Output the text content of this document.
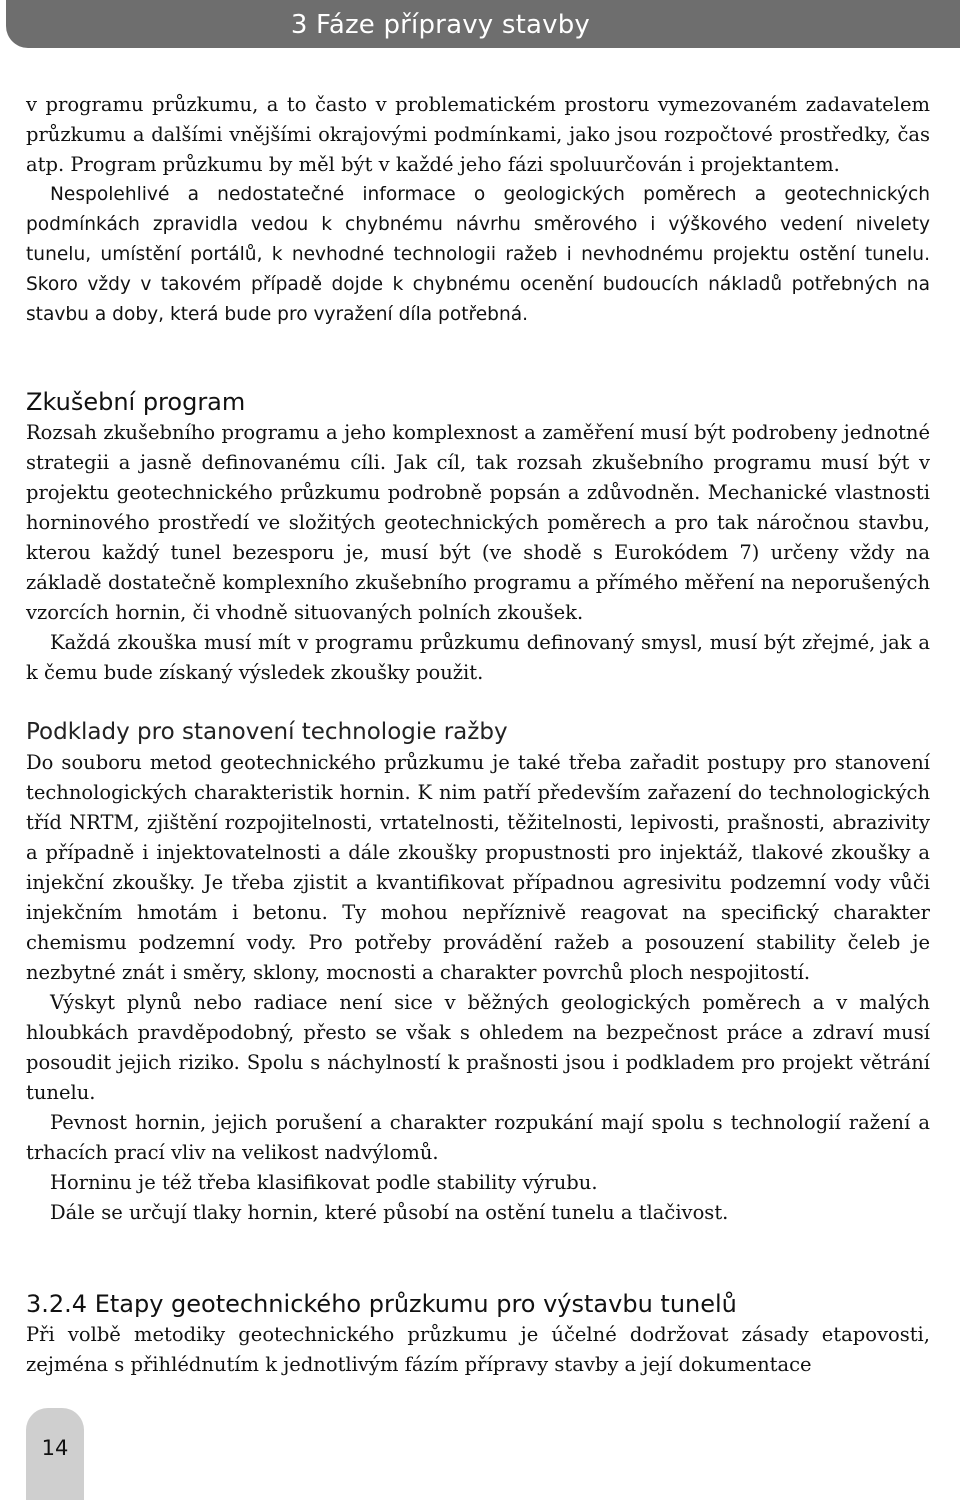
3 Fáze přípravy stavby

v programu průzkumu, a to často v problematickém prostoru vymezovaném zadavatelem průzkumu a dalšími vnějšími okrajovými podmínkami, jako jsou rozpočtové prostředky, čas atp. Program průzkumu by měl být v každé jeho fázi spoluurčován i projektantem.

Nespolehlivé a nedostatečné informace o geologických poměrech a geotechnických podmínkách zpravidla vedou k chybnému návrhu směrového i výškového vedení nivelety tunelu, umístění portálů, k nevhodné technologii ražeb i nevhodnému projektu ostění tunelu. Skoro vždy v takovém případě dojde k chybnému ocenění budoucích nákladů potřebných na stavbu a doby, která bude pro vyražení díla potřebná.

Zkušební program

Rozsah zkušebního programu a jeho komplexnost a zaměření musí být podrobeny jednotné strategii a jasně definovanému cíli. Jak cíl, tak rozsah zkušebního programu musí být v projektu geotechnického průzkumu podrobně popsán a zdůvodněn. Mechanické vlastnosti horninového prostředí ve složitých geotechnických poměrech a pro tak náročnou stavbu, kterou každý tunel bezesporu je, musí být (ve shodě s Eurokódem 7) určeny vždy na základě dostatečně komplexního zkušebního programu a přímého měření na neporušených vzorcích hornin, či vhodně situovaných polních zkoušek.

Každá zkouška musí mít v programu průzkumu definovaný smysl, musí být zřejmé, jak a k čemu bude získaný výsledek zkoušky použit.

Podklady pro stanovení technologie ražby

Do souboru metod geotechnického průzkumu je také třeba zařadit postupy pro stanovení technologických charakteristik hornin. K nim patří především zařazení do technologických tříd NRTM, zjištění rozpojitelnosti, vrtatelnosti, těžitelnosti, lepivosti, prašnosti, abrazivity a případně i injektovatelnosti a dále zkoušky propustnosti pro injektáž, tlakové zkoušky a injekční zkoušky. Je třeba zjistit a kvantifikovat případnou agresivitu podzemní vody vůči injekčním hmotám i betonu. Ty mohou nepříznivě reagovat na specifický charakter chemismu podzemní vody. Pro potřeby provádění ražeb a posouzení stability čeleb je nezbytné znát i směry, sklony, mocnosti a charakter povrchů ploch nespojitostí.

Výskyt plynů nebo radiace není sice v běžných geologických poměrech a v malých hloubkách pravděpodobný, přesto se však s ohledem na bezpečnost práce a zdraví musí posoudit jejich riziko. Spolu s náchylností k prašnosti jsou i podkladem pro projekt větrání tunelu.

Pevnost hornin, jejich porušení a charakter rozpukání mají spolu s technologií ražení a trhacích prací vliv na velikost nadvýlomů.

Horninu je též třeba klasifikovat podle stability výrubu.

Dále se určují tlaky hornin, které působí na ostění tunelu a tlačivost.

3.2.4 Etapy geotechnického průzkumu pro výstavbu tunelů

Při volbě metodiky geotechnického průzkumu je účelné dodržovat zásady etapovosti, zejména s přihlédnutím k jednotlivým fázím přípravy stavby a její dokumentace

14
